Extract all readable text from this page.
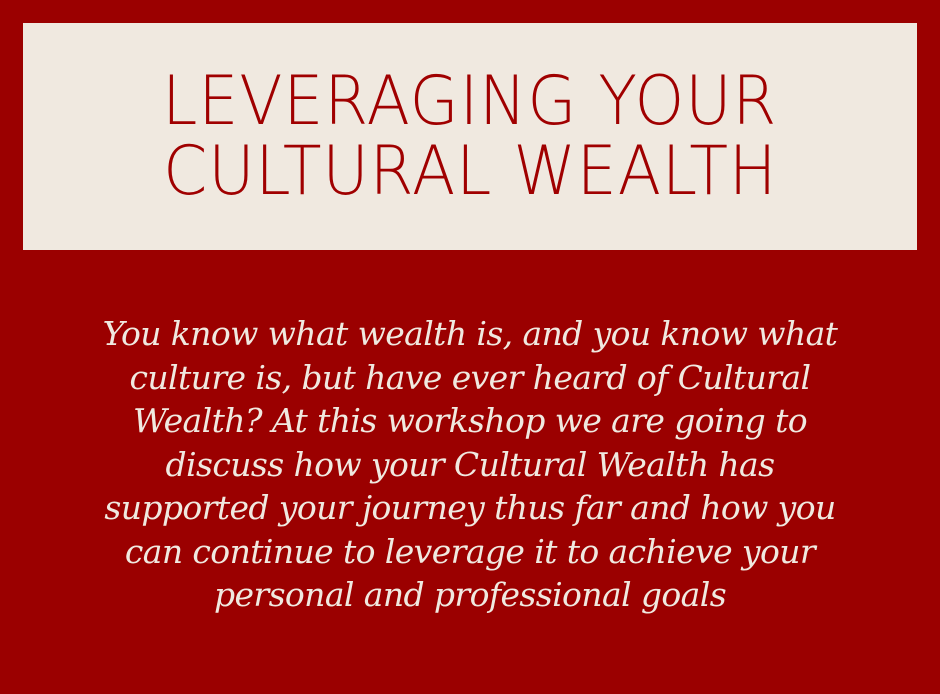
LEVERAGING YOUR
CULTURAL WEALTH

You know what wealth is, and you know what culture is, but have ever heard of Cultural Wealth? At this workshop we are going to discuss how your Cultural Wealth has supported your journey thus far and how you can continue to leverage it to achieve your personal and professional goals
